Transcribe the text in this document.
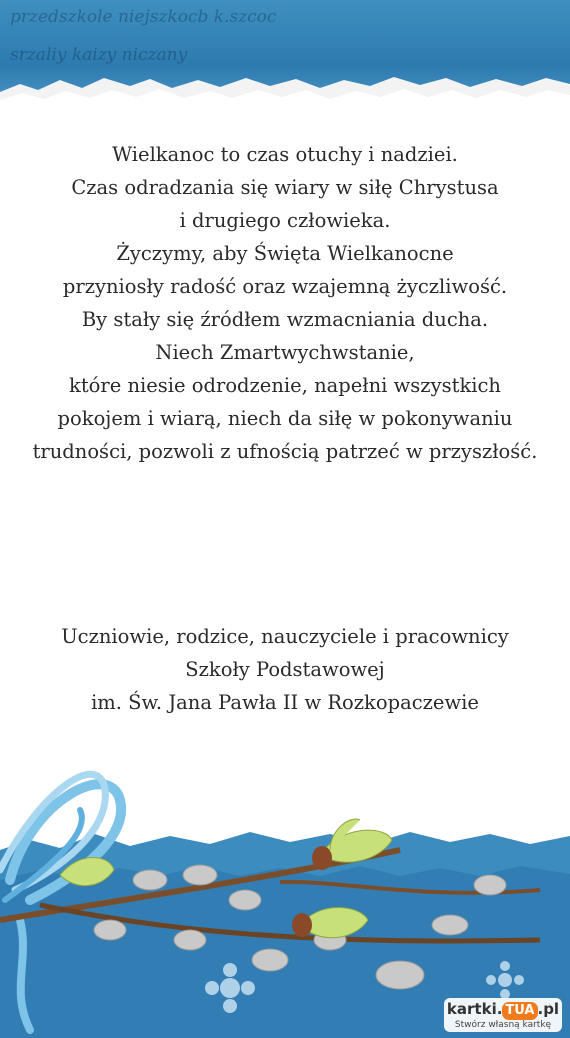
przedszkole niejszkocb k.szcoc
srzaliy kaizy niczany
Wielkanoc to czas otuchy i nadziei.
Czas odradzania się wiary w siłę Chrystusa
i drugiego człowieka.
Życzymy, aby Święta Wielkanocne
przyniosły radość oraz wzajemną życzliwość.
By stały się źródłem wzmacniania ducha.
Niech Zmartwychwstanie,
które niesie odrodzenie, napełni wszystkich
pokojem i wiarą, niech da siłę w pokonywaniu
trudności, pozwoli z ufnością patrzeć w przyszłość.
Uczniowie, rodzice, nauczyciele i pracownicy
Szkoły Podstawowej
im. Św. Jana Pawła II w Rozkopaczewie
kartki. TUA .pl
Stwórz własną kartkę
